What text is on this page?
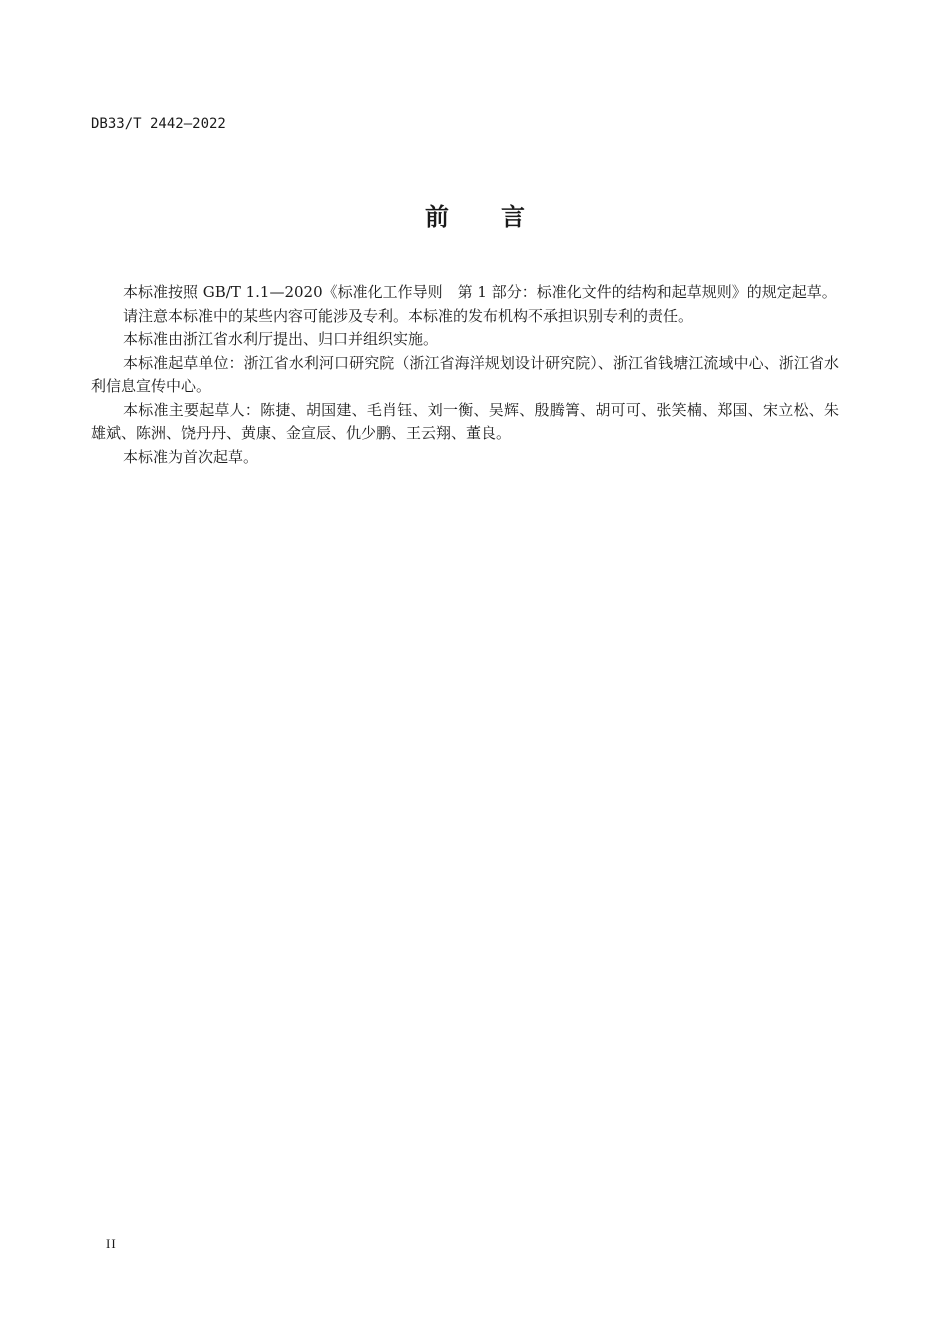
DB33/T 2442—2022
前 言

本标准按照 GB/T 1.1—2020《标准化工作导则　第 1 部分：标准化文件的结构和起草规则》的规定起草。

请注意本标准中的某些内容可能涉及专利。本标准的发布机构不承担识别专利的责任。

本标准由浙江省水利厅提出、归口并组织实施。

本标准起草单位：浙江省水利河口研究院（浙江省海洋规划设计研究院）、浙江省钱塘江流域中心、浙江省水利信息宣传中心。

本标准主要起草人：陈捷、胡国建、毛肖钰、刘一衡、吴辉、殷腾箐、胡可可、张笑楠、郑国、宋立松、朱雄斌、陈洲、饶丹丹、黄康、金宣辰、仇少鹏、王云翔、董良。

本标准为首次起草。

II
